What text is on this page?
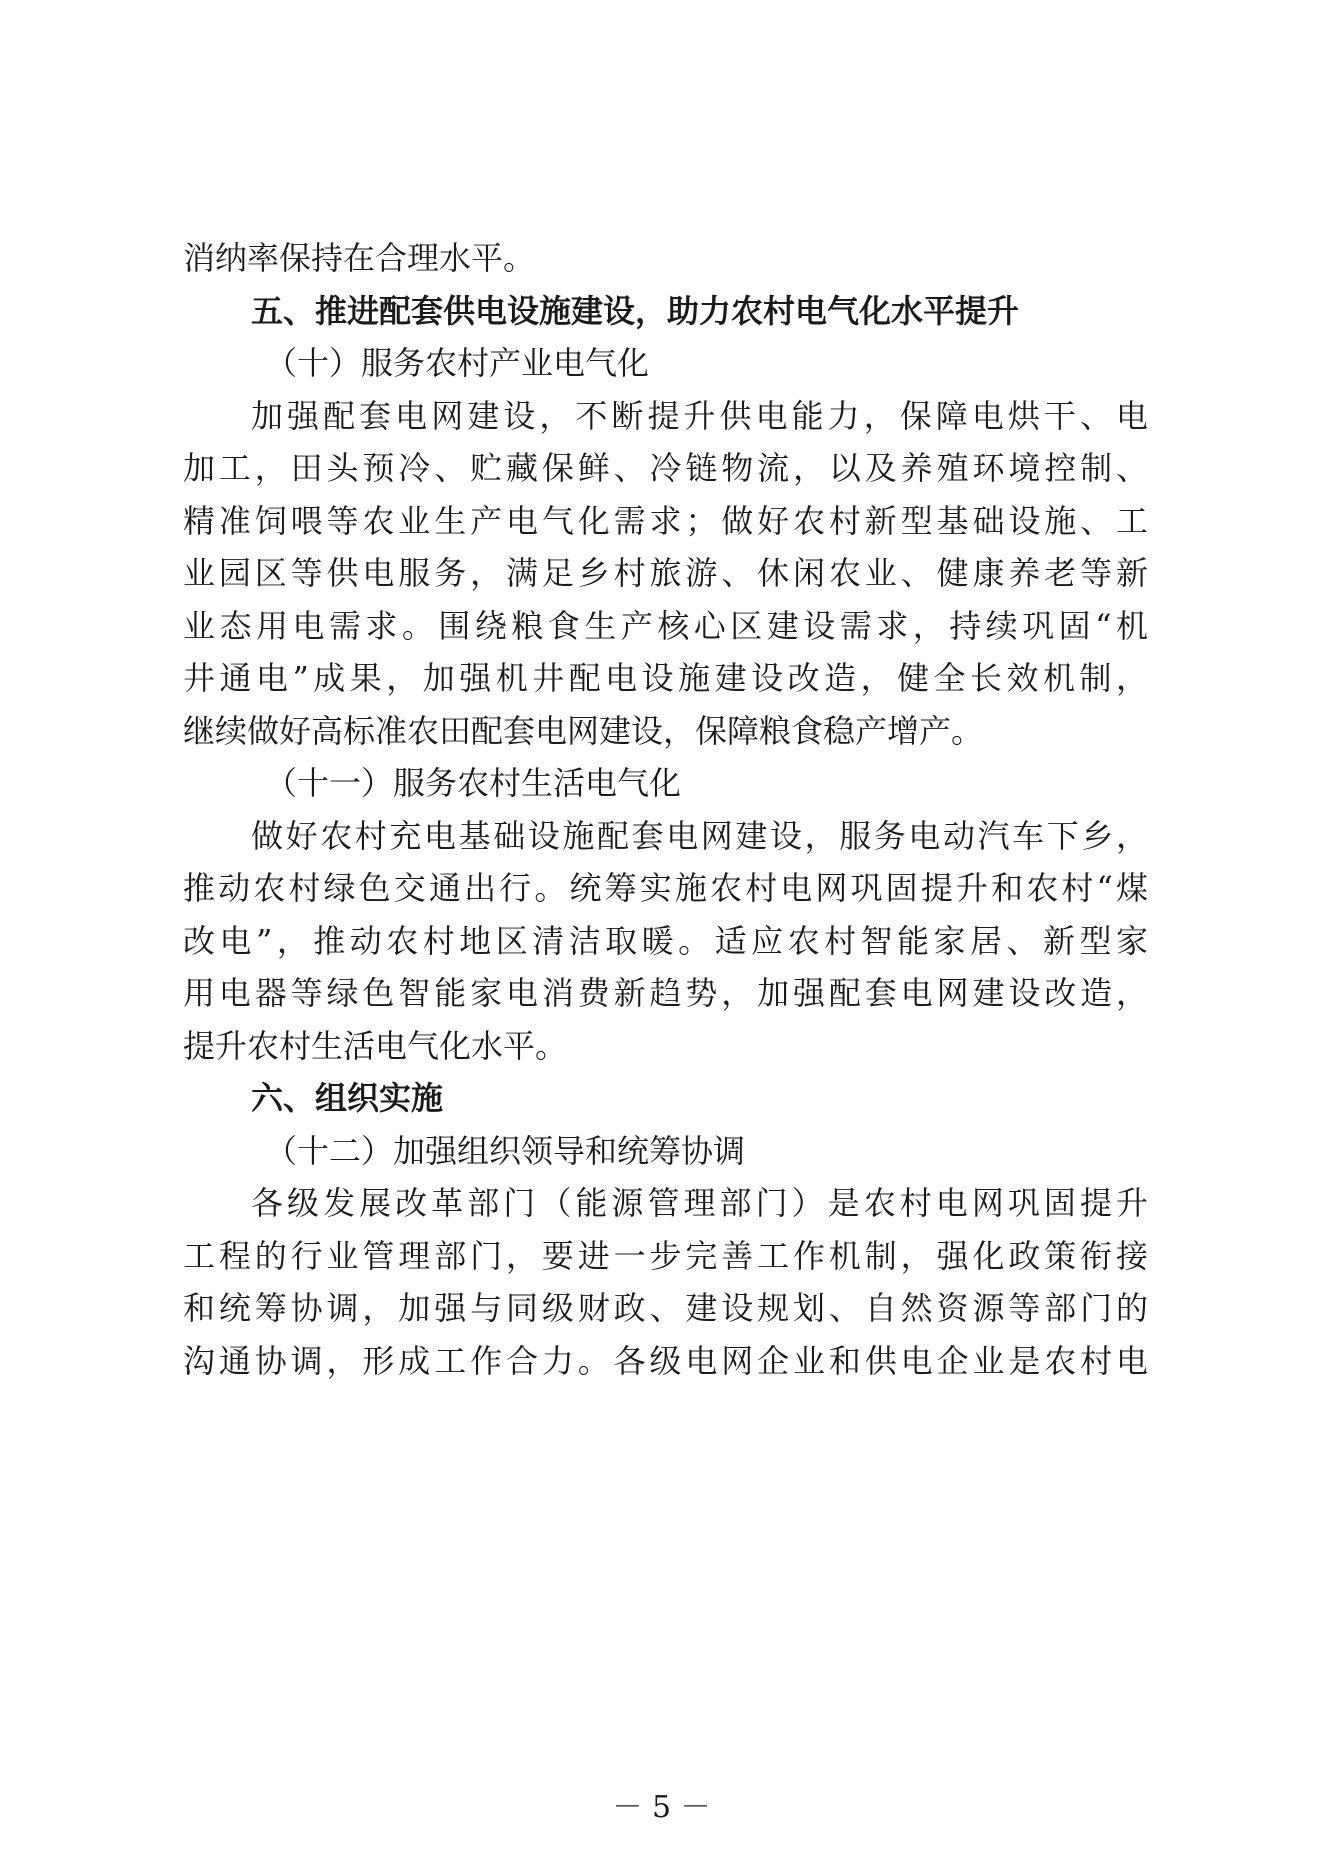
消纳率保持在合理水平。
五、推进配套供电设施建设，助力农村电气化水平提升
（十）服务农村产业电气化
加强配套电网建设，不断提升供电能力，保障电烘干、电
加工，田头预冷、贮藏保鲜、冷链物流，以及养殖环境控制、
精准饲喂等农业生产电气化需求；做好农村新型基础设施、工
业园区等供电服务，满足乡村旅游、休闲农业、健康养老等新
业态用电需求。围绕粮食生产核心区建设需求，持续巩固“机
井通电”成果，加强机井配电设施建设改造，健全长效机制，
继续做好高标准农田配套电网建设，保障粮食稳产增产。
（十一）服务农村生活电气化
做好农村充电基础设施配套电网建设，服务电动汽车下乡，
推动农村绿色交通出行。统筹实施农村电网巩固提升和农村“煤
改电”，推动农村地区清洁取暖。适应农村智能家居、新型家
用电器等绿色智能家电消费新趋势，加强配套电网建设改造，
提升农村生活电气化水平。
六、组织实施
（十二）加强组织领导和统筹协调
各级发展改革部门（能源管理部门）是农村电网巩固提升
工程的行业管理部门，要进一步完善工作机制，强化政策衔接
和统筹协调，加强与同级财政、建设规划、自然资源等部门的
沟通协调，形成工作合力。各级电网企业和供电企业是农村电
－ 5 －
